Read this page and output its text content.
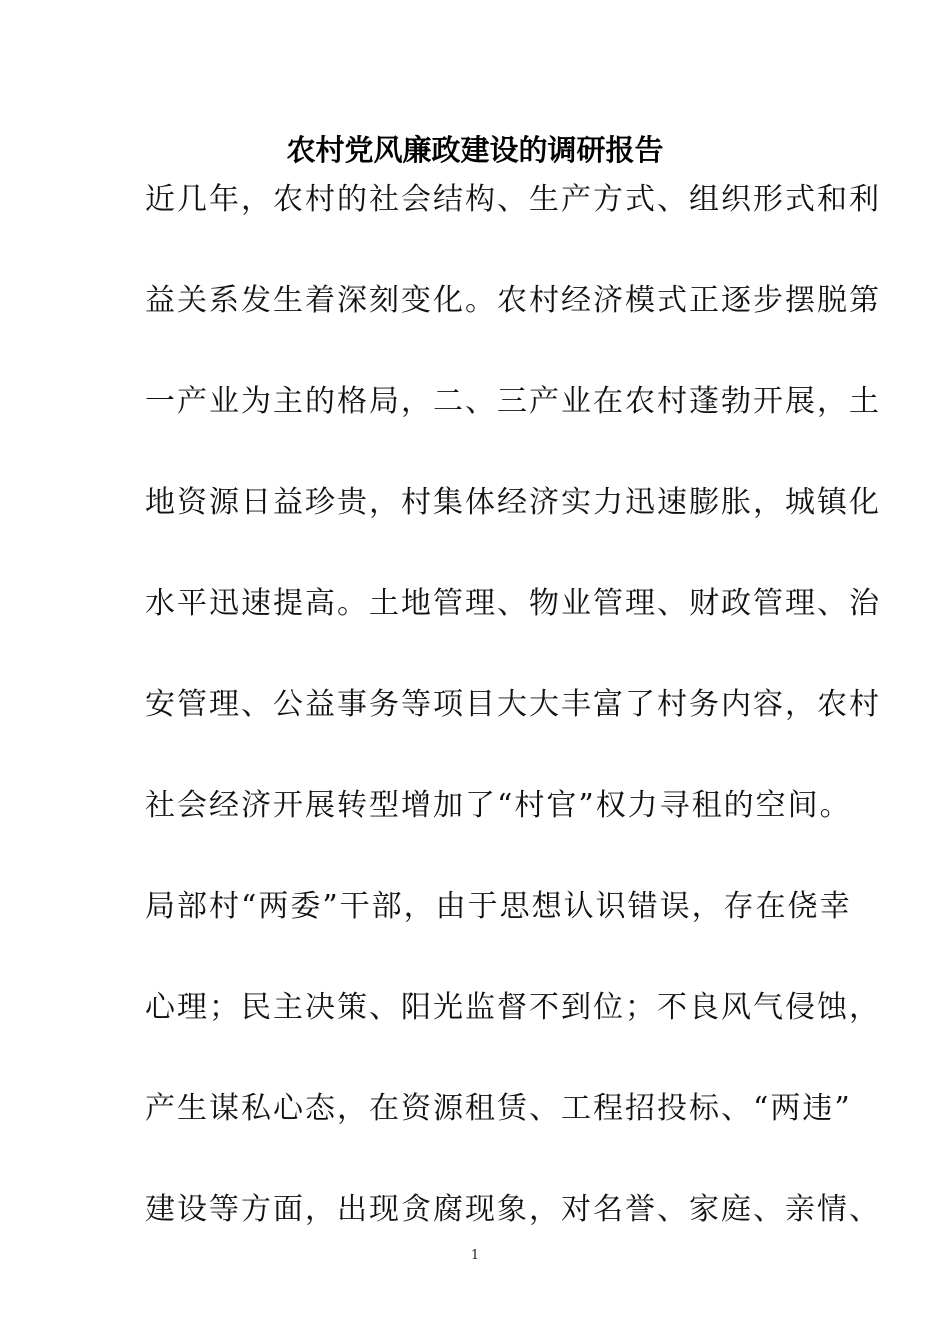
农村党风廉政建设的调研报告
近几年，农村的社会结构、生产方式、组织形式和利
益关系发生着深刻变化。农村经济模式正逐步摆脱第
一产业为主的格局，二、三产业在农村蓬勃开展，土
地资源日益珍贵，村集体经济实力迅速膨胀，城镇化
水平迅速提高。土地管理、物业管理、财政管理、治
安管理、公益事务等项目大大丰富了村务内容，农村
社会经济开展转型增加了“村官”权力寻租的空间。
局部村“两委”干部，由于思想认识错误，存在侥幸
心理；民主决策、阳光监督不到位；不良风气侵蚀，
产生谋私心态，在资源租赁、工程招投标、“两违”
建设等方面，出现贪腐现象，对名誉、家庭、亲情、
1
